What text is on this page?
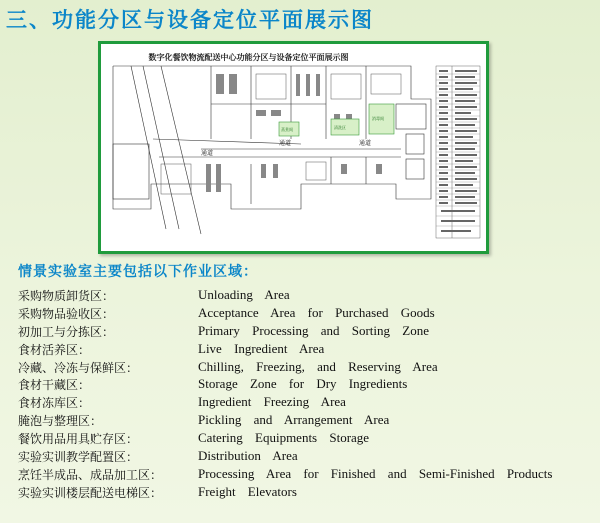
三、功能分区与设备定位平面展示图
数字化餐饮物流配送中心功能分区与设备定位平面展示图
清洗区
消毒间
蒸煮间
通道	通道
通道
情景实验室主要包括以下作业区域：
采购物质卸货区：	Unloading Area
采购物品验收区：	Acceptance Area for Purchased Goods
初加工与分拣区：	Primary Processing and Sorting Zone
食材活养区：	Live Ingredient Area
冷藏、冷冻与保鲜区：	Chilling, Freezing, and Reserving Area
食材干藏区：	Storage Zone for Dry Ingredients
食材冻库区：	Ingredient Freezing Area
腌泡与整理区：	Pickling and Arrangement Area
餐饮用品用具贮存区：	Catering Equipments Storage
实验实训教学配置区：	Distribution Area
烹饪半成品、成品加工区：	Processing Area for Finished and Semi-Finished Products
实验实训楼层配送电梯区：	Freight Elevators
